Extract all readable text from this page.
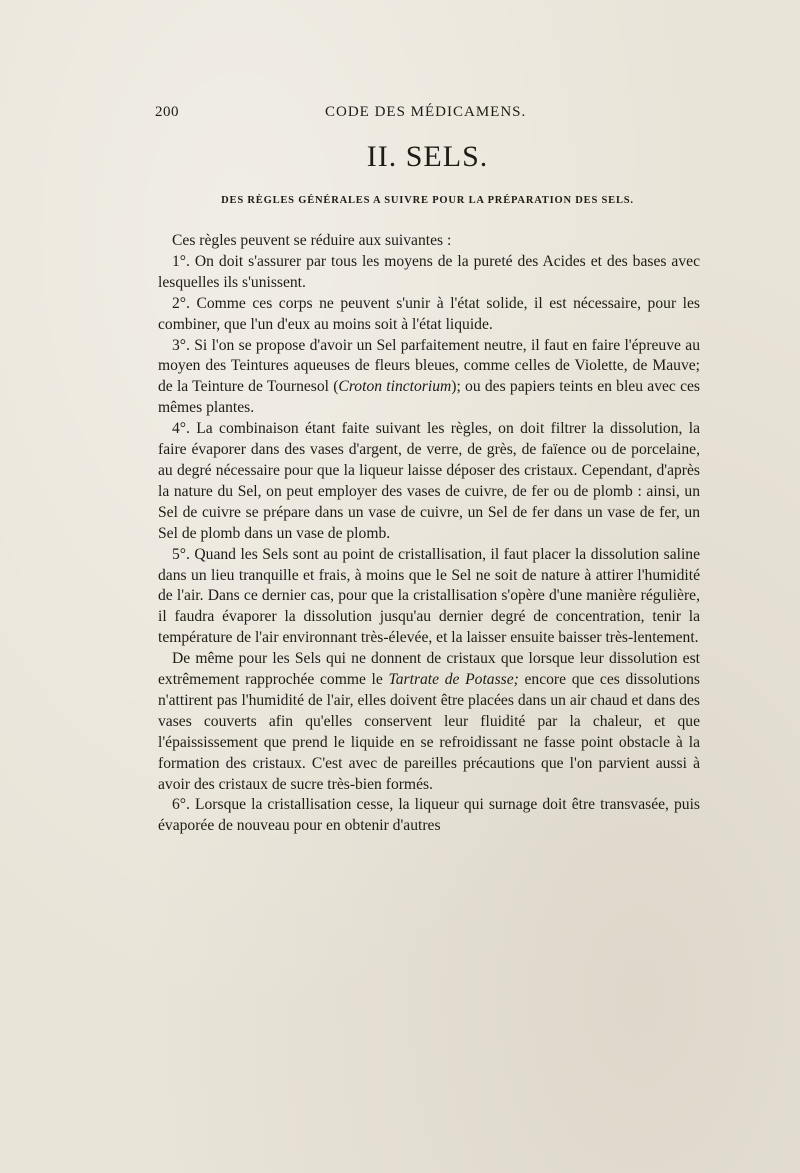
200	CODE DES MÉDICAMENS.
II. SELS.
DES RÈGLES GÉNÉRALES A SUIVRE POUR LA PRÉPARATION DES SELS.

Ces règles peuvent se réduire aux suivantes :

1°. On doit s'assurer par tous les moyens de la pureté des Acides et des bases avec lesquelles ils s'unissent.

2°. Comme ces corps ne peuvent s'unir à l'état solide, il est nécessaire, pour les combiner, que l'un d'eux au moins soit à l'état liquide.

3°. Si l'on se propose d'avoir un Sel parfaitement neutre, il faut en faire l'épreuve au moyen des Teintures aqueuses de fleurs bleues, comme celles de Violette, de Mauve; de la Teinture de Tournesol (Croton tinctorium); ou des papiers teints en bleu avec ces mêmes plantes.

4°. La combinaison étant faite suivant les règles, on doit filtrer la dissolution, la faire évaporer dans des vases d'argent, de verre, de grès, de faïence ou de porcelaine, au degré nécessaire pour que la liqueur laisse déposer des cristaux. Cependant, d'après la nature du Sel, on peut employer des vases de cuivre, de fer ou de plomb : ainsi, un Sel de cuivre se prépare dans un vase de cuivre, un Sel de fer dans un vase de fer, un Sel de plomb dans un vase de plomb.

5°. Quand les Sels sont au point de cristallisation, il faut placer la dissolution saline dans un lieu tranquille et frais, à moins que le Sel ne soit de nature à attirer l'humidité de l'air. Dans ce dernier cas, pour que la cristallisation s'opère d'une manière régulière, il faudra évaporer la dissolution jusqu'au dernier degré de concentration, tenir la température de l'air environnant très-élevée, et la laisser ensuite baisser très-lentement.

De même pour les Sels qui ne donnent de cristaux que lorsque leur dissolution est extrêmement rapprochée comme le Tartrate de Potasse; encore que ces dissolutions n'attirent pas l'humidité de l'air, elles doivent être placées dans un air chaud et dans des vases couverts afin qu'elles conservent leur fluidité par la chaleur, et que l'épaississement que prend le liquide en se refroidissant ne fasse point obstacle à la formation des cristaux. C'est avec de pareilles précautions que l'on parvient aussi à avoir des cristaux de sucre très-bien formés.

6°. Lorsque la cristallisation cesse, la liqueur qui surnage doit être transvasée, puis évaporée de nouveau pour en obtenir d'autres
